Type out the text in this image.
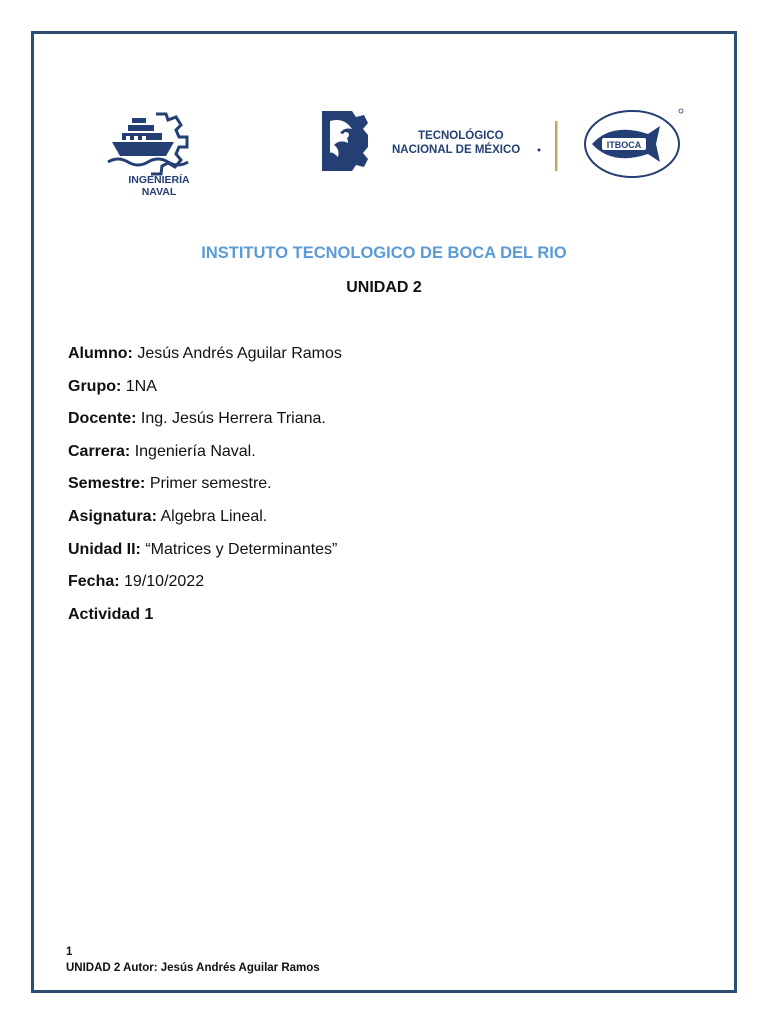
INGENIERÍA
NAVAL
TECNOLÓGICO
NACIONAL DE MÉXICO	ITBOCA
INSTITUTO TECNOLOGICO DE BOCA DEL RIO
UNIDAD 2
Alumno: Jesús Andrés Aguilar Ramos
Grupo: 1NA
Docente: Ing. Jesús Herrera Triana.
Carrera: Ingeniería Naval.
Semestre: Primer semestre.
Asignatura: Algebra Lineal.
Unidad II: “Matrices y Determinantes”
Fecha: 19/10/2022
Actividad 1
1
UNIDAD 2 Autor: Jesús Andrés Aguilar Ramos
